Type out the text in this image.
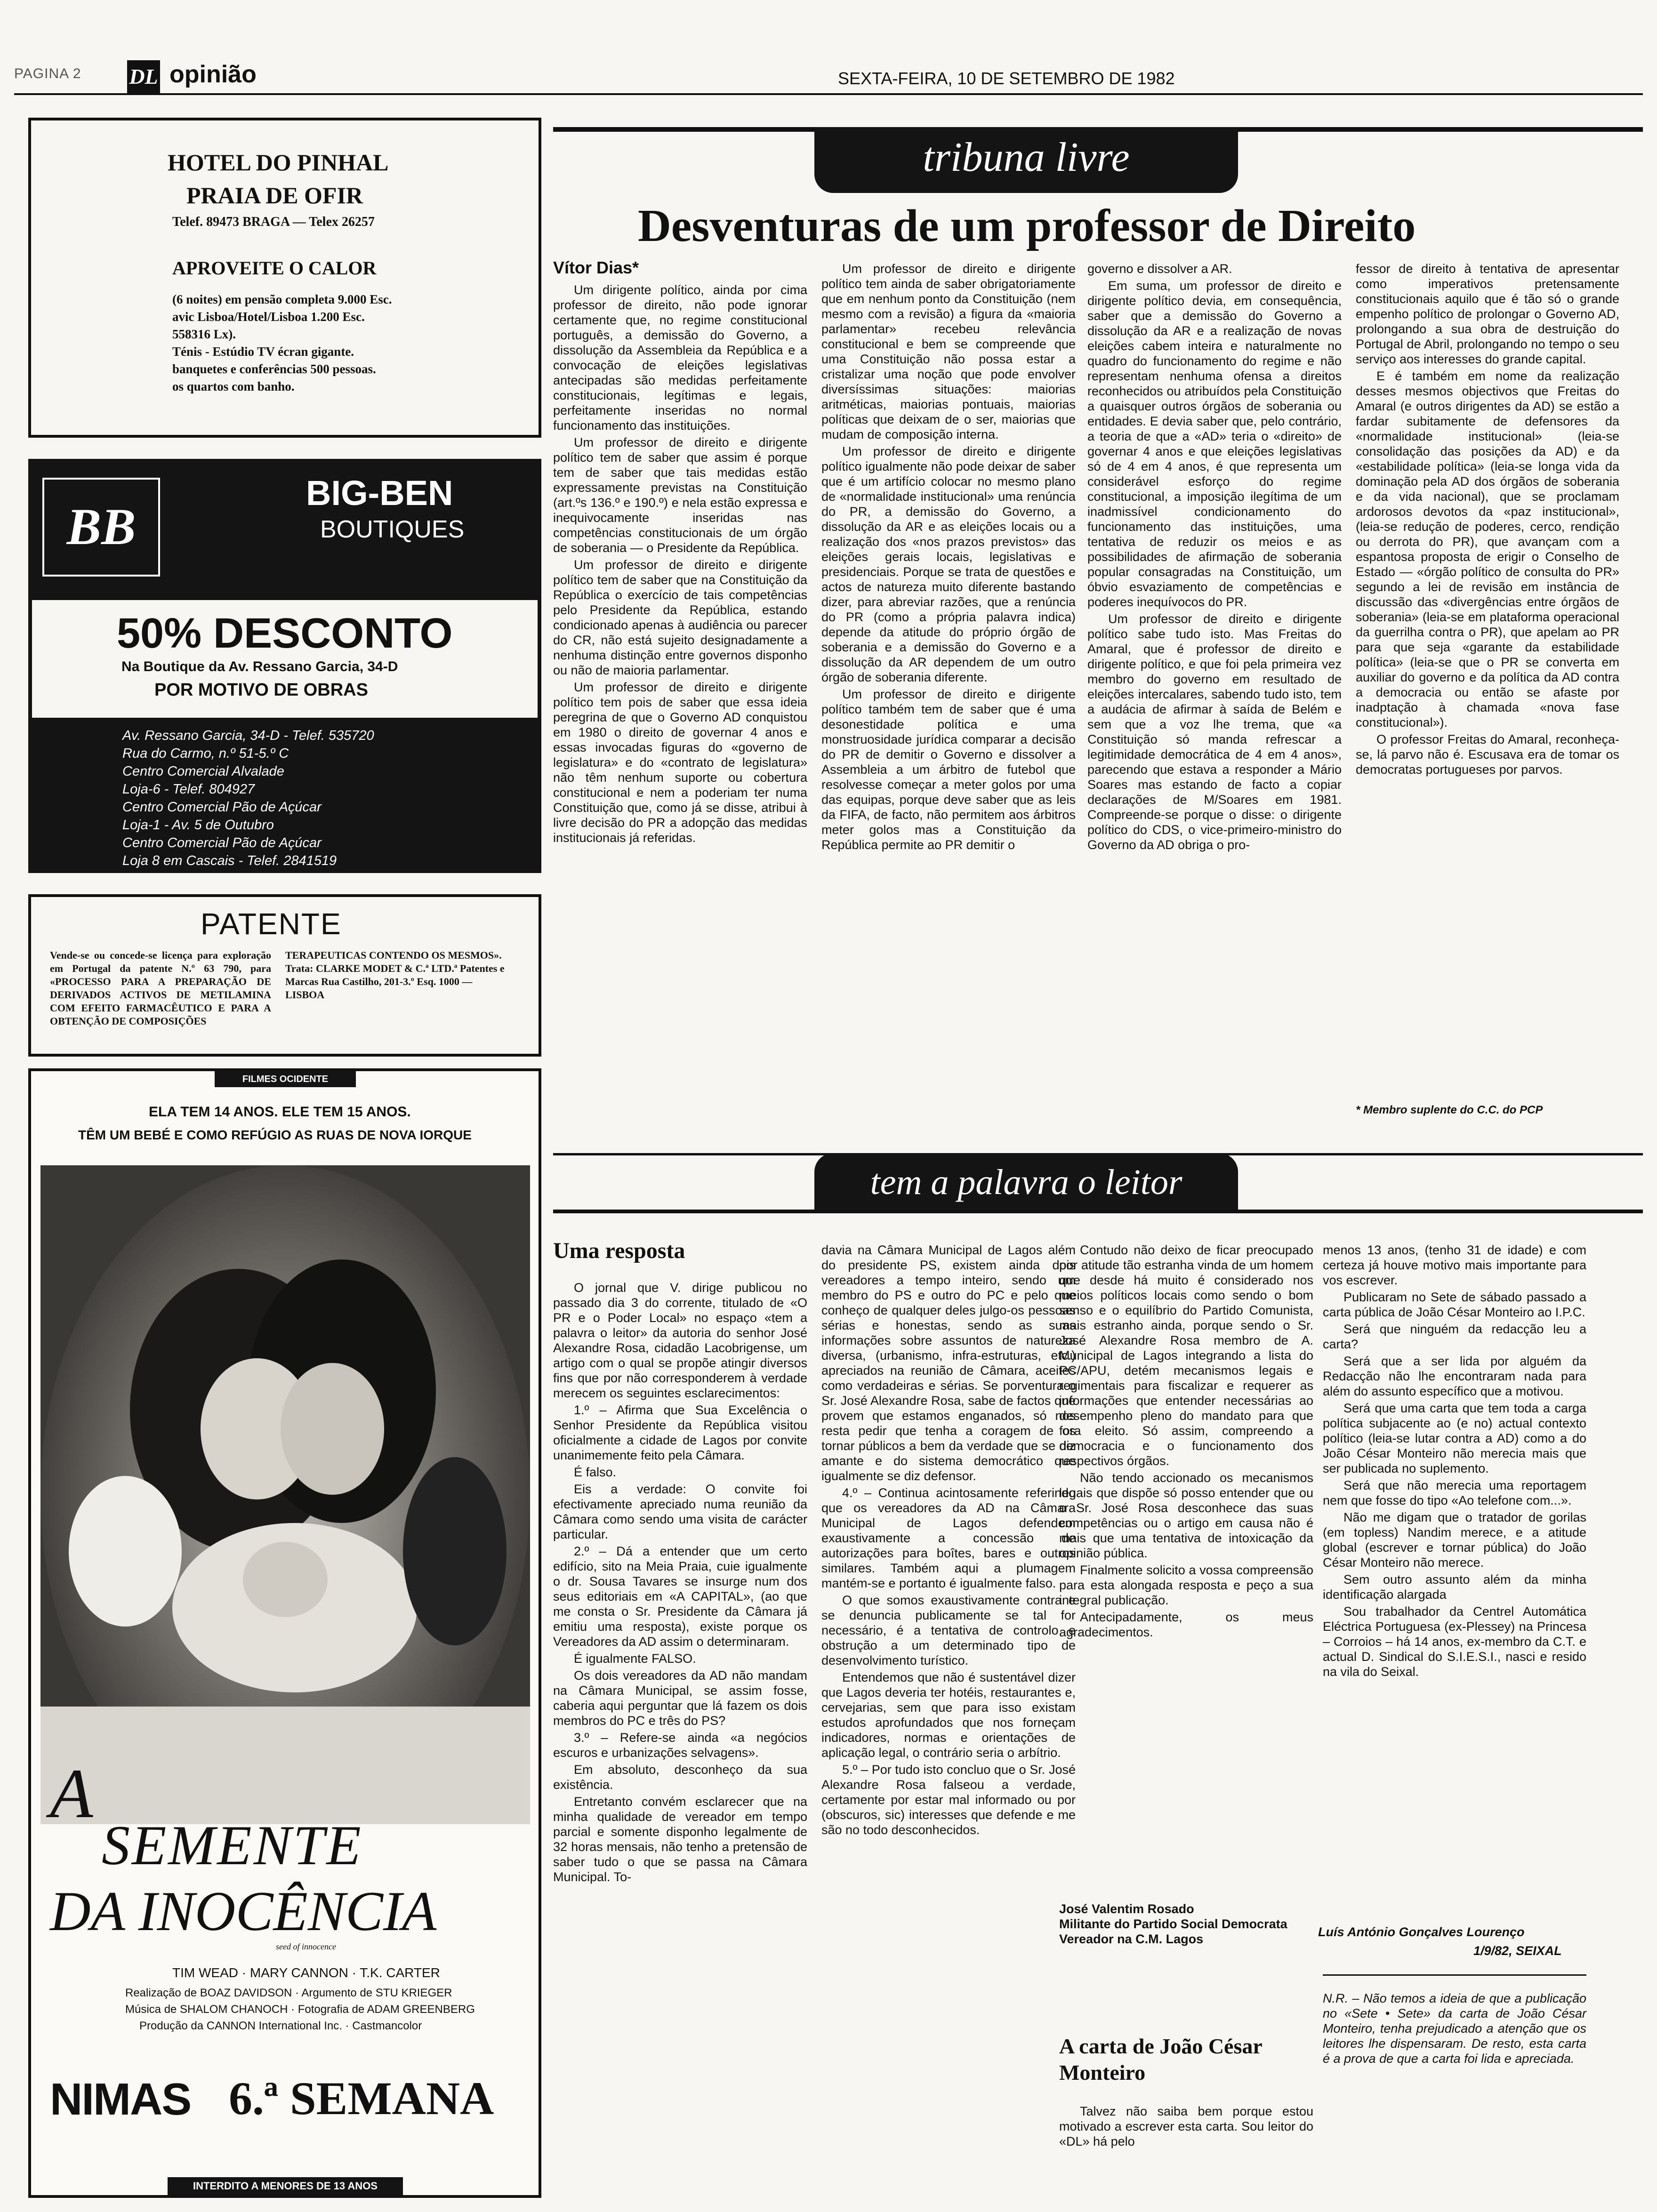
PAGINA 2 DL opinião	SEXTA-FEIRA, 10 DE SETEMBRO DE 1982
HOTEL DO PINHAL
PRAIA DE OFIR
Telef. 89473 BRAGA — Telex 26257
APROVEITE O CALOR
(6 noites) em pensão completa 9.000 Esc.
avic Lisboa/Hotel/Lisboa 1.200 Esc.
558316 Lx).
Ténis - Estúdio TV écran gigante.
banquetes e conferências 500 pessoas.
os quartos com banho.
BB
BIG-BEN
BOUTIQUES
50% DESCONTO
Na Boutique da Av. Ressano Garcia, 34-D
POR MOTIVO DE OBRAS
Av. Ressano Garcia, 34-D - Telef. 535720
Rua do Carmo, n.º 51-5.º C
Centro Comercial Alvalade
Loja-6 - Telef. 804927
Centro Comercial Pão de Açúcar
Loja-1 - Av. 5 de Outubro
Centro Comercial Pão de Açúcar
Loja 8 em Cascais - Telef. 2841519
PATENTE
Vende-se ou concede-se licença para exploração em Portugal da patente N.º 63 790, para «PROCESSO PARA A PREPARAÇÃO DE DERIVADOS ACTIVOS DE METILAMINA COM EFEITO FARMACÊUTICO E PARA A OBTENÇÃO DE COMPOSIÇÕES
TERAPEUTICAS CONTENDO OS MESMOS». Trata: CLARKE MODET & C.ª LTD.ª Patentes e Marcas Rua Castilho, 201-3.º Esq. 1000 — LISBOA
FILMES OCIDENTE
ELA TEM 14 ANOS. ELE TEM 15 ANOS.
TÊM UM BEBÉ E COMO REFÚGIO AS RUAS DE NOVA IORQUE
A
SEMENTE
DA INOCÊNCIA
seed of innocence
TIM WEAD · MARY CANNON · T.K. CARTER
Realização de BOAZ DAVIDSON · Argumento de STU KRIEGER
Música de SHALOM CHANOCH · Fotografia de ADAM GREENBERG
Produção da CANNON International Inc. · Castmancolor
NIMAS 6.ª SEMANA
INTERDITO A MENORES DE 13 ANOS
tribuna livre
Desventuras de um professor de Direito
Vítor Dias*

Um dirigente político, ainda por cima professor de direito, não pode ignorar certamente que, no regime constitucional português, a demissão do Governo, a dissolução da Assembleia da República e a convocação de eleições legislativas antecipadas são medidas perfeitamente constitucionais, legítimas e legais, perfeitamente inseridas no normal funcionamento das instituições.

Um professor de direito e dirigente político tem de saber que assim é porque tem de saber que tais medidas estão expressamente previstas na Constituição (art.ºs 136.º e 190.º) e nela estão expressa e inequivocamente inseridas nas competências constitucionais de um órgão de soberania — o Presidente da República.

Um professor de direito e dirigente político tem de saber que na Constituição da República o exercício de tais competências pelo Presidente da República, estando condicionado apenas à audiência ou parecer do CR, não está sujeito designadamente a nenhuma distinção entre governos disponho ou não de maioria parlamentar.

Um professor de direito e dirigente político tem pois de saber que essa ideia peregrina de que o Governo AD conquistou em 1980 o direito de governar 4 anos e essas invocadas figuras do «governo de legislatura» e do «contrato de legislatura» não têm nenhum suporte ou cobertura constitucional e nem a poderiam ter numa Constituição que, como já se disse, atribui à livre decisão do PR a adopção das medidas institucionais já referidas.

Um professor de direito e dirigente político tem ainda de saber obrigatoriamente que em nenhum ponto da Constituição (nem mesmo com a revisão) a figura da «maioria parlamentar» recebeu relevância constitucional e bem se compreende que uma Constituição não possa estar a cristalizar uma noção que pode envolver diversíssimas situações: maiorias aritméticas, maiorias pontuais, maiorias políticas que deixam de o ser, maiorias que mudam de composição interna.

Um professor de direito e dirigente político igualmente não pode deixar de saber que é um artifício colocar no mesmo plano de «normalidade institucional» uma renúncia do PR, a demissão do Governo, a dissolução da AR e as eleições locais ou a realização dos «nos prazos previstos» das eleições gerais locais, legislativas e presidenciais. Porque se trata de questões e actos de natureza muito diferente bastando dizer, para abreviar razões, que a renúncia do PR (como a própria palavra indica) depende da atitude do próprio órgão de soberania e a demissão do Governo e a dissolução da AR dependem de um outro órgão de soberania diferente.

Um professor de direito e dirigente político também tem de saber que é uma desonestidade política e uma monstruosidade jurídica comparar a decisão do PR de demitir o Governo e dissolver a Assembleia a um árbitro de futebol que resolvesse começar a meter golos por uma das equipas, porque deve saber que as leis da FIFA, de facto, não permitem aos árbitros meter golos mas a Constituição da República permite ao PR demitir o

governo e dissolver a AR.

Em suma, um professor de direito e dirigente político devia, em consequência, saber que a demissão do Governo a dissolução da AR e a realização de novas eleições cabem inteira e naturalmente no quadro do funcionamento do regime e não representam nenhuma ofensa a direitos reconhecidos ou atribuídos pela Constituição a quaisquer outros órgãos de soberania ou entidades. E devia saber que, pelo contrário, a teoria de que a «AD» teria o «direito» de governar 4 anos e que eleições legislativas só de 4 em 4 anos, é que representa um considerável esforço do regime constitucional, a imposição ilegítima de um inadmissível condicionamento do funcionamento das instituições, uma tentativa de reduzir os meios e as possibilidades de afirmação de soberania popular consagradas na Constituição, um óbvio esvaziamento de competências e poderes inequívocos do PR.

Um professor de direito e dirigente político sabe tudo isto. Mas Freitas do Amaral, que é professor de direito e dirigente político, e que foi pela primeira vez membro do governo em resultado de eleições intercalares, sabendo tudo isto, tem a audácia de afirmar à saída de Belém e sem que a voz lhe trema, que «a Constituição só manda refrescar a legitimidade democrática de 4 em 4 anos», parecendo que estava a responder a Mário Soares mas estando de facto a copiar declarações de M/Soares em 1981. Compreende-se porque o disse: o dirigente político do CDS, o vice-primeiro-ministro do Governo da AD obriga o pro-

fessor de direito à tentativa de apresentar como imperativos pretensamente constitucionais aquilo que é tão só o grande empenho político de prolongar o Governo AD, prolongando a sua obra de destruição do Portugal de Abril, prolongando no tempo o seu serviço aos interesses do grande capital.

E é também em nome da realização desses mesmos objectivos que Freitas do Amaral (e outros dirigentes da AD) se estão a fardar subitamente de defensores da «normalidade institucional» (leia-se consolidação das posições da AD) e da «estabilidade política» (leia-se longa vida da dominação pela AD dos órgãos de soberania e da vida nacional), que se proclamam ardorosos devotos da «paz institucional», (leia-se redução de poderes, cerco, rendição ou derrota do PR), que avançam com a espantosa proposta de erigir o Conselho de Estado — «órgão político de consulta do PR» segundo a lei de revisão em instância de discussão das «divergências entre órgãos de soberania» (leia-se em plataforma operacional da guerrilha contra o PR), que apelam ao PR para que seja «garante da estabilidade política» (leia-se que o PR se converta em auxiliar do governo e da política da AD contra a democracia ou então se afaste por inadptação à chamada «nova fase constitucional»).

O professor Freitas do Amaral, reconheça-se, lá parvo não é. Escusava era de tomar os democratas portugueses por parvos.

* Membro suplente do C.C. do PCP
tem a palavra o leitor
Uma resposta

O jornal que V. dirige publicou no passado dia 3 do corrente, titulado de «O PR e o Poder Local» no espaço «tem a palavra o leitor» da autoria do senhor José Alexandre Rosa, cidadão Lacobrigense, um artigo com o qual se propõe atingir diversos fins que por não corresponderem à verdade merecem os seguintes esclarecimentos:

1.º – Afirma que Sua Excelência o Senhor Presidente da República visitou oficialmente a cidade de Lagos por convite unanimemente feito pela Câmara.

É falso.

Eis a verdade: O convite foi efectivamente apreciado numa reunião da Câmara como sendo uma visita de carácter particular.

2.º – Dá a entender que um certo edifício, sito na Meia Praia, cuie igualmente o dr. Sousa Tavares se insurge num dos seus editoriais em «A CAPITAL», (ao que me consta o Sr. Presidente da Câmara já emitiu uma resposta), existe porque os Vereadores da AD assim o determinaram.

É igualmente FALSO.

Os dois vereadores da AD não mandam na Câmara Municipal, se assim fosse, caberia aqui perguntar que lá fazem os dois membros do PC e três do PS?

3.º – Refere-se ainda «a negócios escuros e urbanizações selvagens».

Em absoluto, desconheço da sua existência.

Entretanto convém esclarecer que na minha qualidade de vereador em tempo parcial e somente disponho legalmente de 32 horas mensais, não tenho a pretensão de saber tudo o que se passa na Câmara Municipal. To-

davia na Câmara Municipal de Lagos além do presidente PS, existem ainda dois vereadores a tempo inteiro, sendo um membro do PS e outro do PC e pelo que conheço de qualquer deles julgo-os pessoas sérias e honestas, sendo as suas informações sobre assuntos de natureza diversa, (urbanismo, infra-estruturas, etc.) apreciados na reunião de Câmara, aceites como verdadeiras e sérias. Se porventura o Sr. José Alexandre Rosa, sabe de factos que provem que estamos enganados, só nos resta pedir que tenha a coragem de os tornar públicos a bem da verdade que se diz amante e do sistema democrático que igualmente se diz defensor.

4.º – Continua acintosamente referindo que os vereadores da AD na Câmara Municipal de Lagos defendem exaustivamente a concessão de autorizações para boîtes, bares e outros similares. Também aqui a plumagem mantém-se e portanto é igualmente falso.

O que somos exaustivamente contra e se denuncia publicamente se tal for necessário, é a tentativa de controlo e obstrução a um determinado tipo de desenvolvimento turístico.

Entendemos que não é sustentável dizer que Lagos deveria ter hotéis, restaurantes e, cervejarias, sem que para isso existam estudos aprofundados que nos forneçam indicadores, normas e orientações de aplicação legal, o contrário seria o arbítrio.

5.º – Por tudo isto concluo que o Sr. José Alexandre Rosa falseou a verdade, certamente por estar mal informado ou por (obscuros, sic) interesses que defende e me são no todo desconhecidos.

Contudo não deixo de ficar preocupado por atitude tão estranha vinda de um homem que desde há muito é considerado nos meios políticos locais como sendo o bom senso e o equilíbrio do Partido Comunista, mais estranho ainda, porque sendo o Sr. José Alexandre Rosa membro de A. Municipal de Lagos integrando a lista do PC/APU, detém mecanismos legais e regimentais para fiscalizar e requerer as informações que entender necessárias ao desempenho pleno do mandato para que fora eleito. Só assim, compreendo a democracia e o funcionamento dos respectivos órgãos.

Não tendo accionado os mecanismos legais que dispõe só posso entender que ou o Sr. José Rosa desconhece das suas competências ou o artigo em causa não é mais que uma tentativa de intoxicação da opinião pública.

Finalmente solicito a vossa compreensão para esta alongada resposta e peço a sua integral publicação.

Antecipadamente, os meus agradecimentos.

José Valentim Rosado
Militante do Partido Social Democrata
Vereador na C.M. Lagos
A carta de João César Monteiro

Talvez não saiba bem porque estou motivado a escrever esta carta. Sou leitor do «DL» há pelo

menos 13 anos, (tenho 31 de idade) e com certeza já houve motivo mais importante para vos escrever.

Publicaram no Sete de sábado passado a carta pública de João César Monteiro ao I.P.C.

Será que ninguém da redacção leu a carta?

Será que a ser lida por alguém da Redacção não lhe encontraram nada para além do assunto específico que a motivou.

Será que uma carta que tem toda a carga política subjacente ao (e no) actual contexto político (leia-se lutar contra a AD) como a do João César Monteiro não merecia mais que ser publicada no suplemento.

Será que não merecia uma reportagem nem que fosse do tipo «Ao telefone com...».

Não me digam que o tratador de gorilas (em topless) Nandim merece, e a atitude global (escrever e tornar pública) do João César Monteiro não merece.

Sem outro assunto além da minha identificação alargada

Sou trabalhador da Centrel Automática Eléctrica Portuguesa (ex-Plessey) na Princesa – Corroios – há 14 anos, ex-membro da C.T. e actual D. Sindical do S.I.E.S.I., nasci e resido na vila do Seixal.

Luís António Gonçalves Lourenço
1/9/82, SEIXAL
N.R. – Não temos a ideia de que a publicação no «Sete • Sete» da carta de João César Monteiro, tenha prejudicado a atenção que os leitores lhe dispensaram. De resto, esta carta é a prova de que a carta foi lida e apreciada.
